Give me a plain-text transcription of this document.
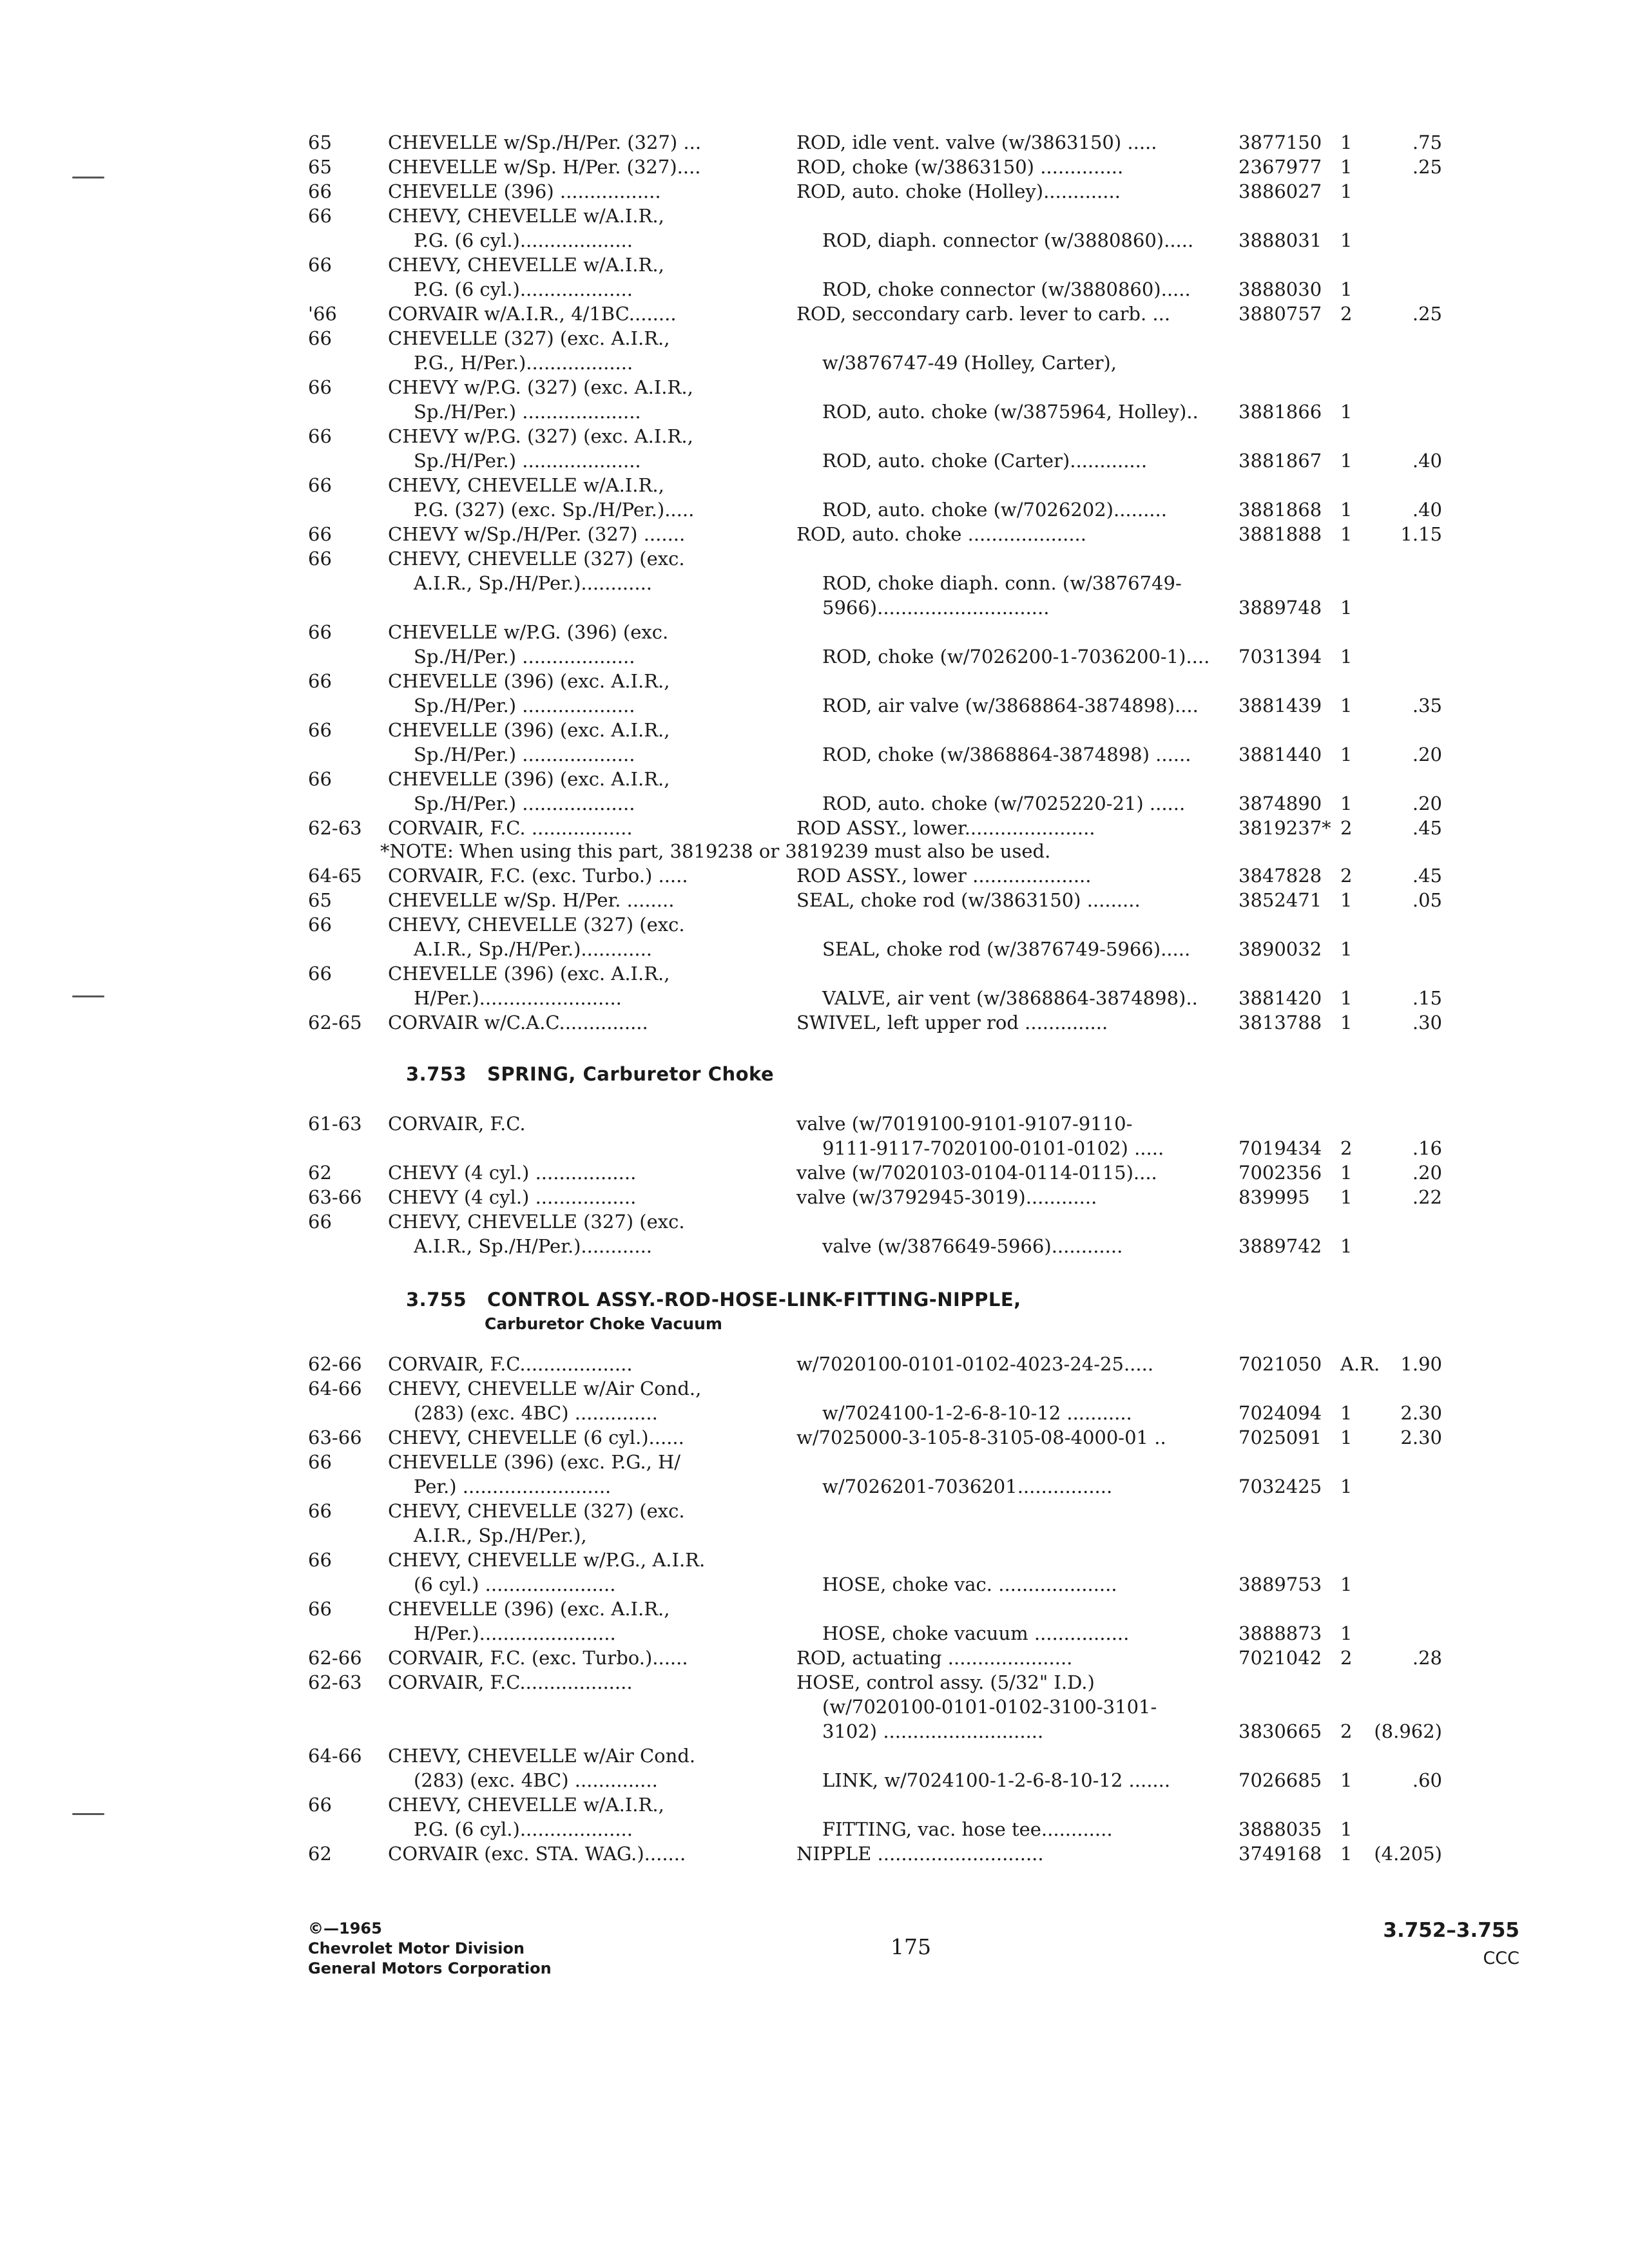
65	CHEVELLE w/Sp./H/Per. (327) ...	ROD, idle vent. valve (w/3863150) .....	3877150 1	.75
65	CHEVELLE w/Sp. H/Per. (327)....	ROD, choke (w/3863150) ..............	2367977 1	.25
66	CHEVELLE (396) .................	ROD, auto. choke (Holley).............	3886027 1
66	CHEVY, CHEVELLE w/A.I.R.,
P.G. (6 cyl.)...................	ROD, diaph. connector (w/3880860)..... 3888031 1
66	CHEVY, CHEVELLE w/A.I.R.,
P.G. (6 cyl.)...................	ROD, choke connector (w/3880860).....	3888030 1
'66	CORVAIR w/A.I.R., 4/1BC........	ROD, seccondary carb. lever to carb. ...	3880757 2	.25
66	CHEVELLE (327) (exc. A.I.R.,
P.G., H/Per.)..................	w/3876747-49 (Holley, Carter),
66	CHEVY w/P.G. (327) (exc. A.I.R.,
Sp./H/Per.) ....................	ROD, auto. choke (w/3875964, Holley).. 3881866 1
66	CHEVY w/P.G. (327) (exc. A.I.R.,
Sp./H/Per.) ....................	ROD, auto. choke (Carter).............	3881867 1	.40
66	CHEVY, CHEVELLE w/A.I.R.,
P.G. (327) (exc. Sp./H/Per.).....	ROD, auto. choke (w/7026202).........	3881868 1	.40
66	CHEVY w/Sp./H/Per. (327) .......	ROD, auto. choke ....................	3881888 1	1.15
66	CHEVY, CHEVELLE (327) (exc.
A.I.R., Sp./H/Per.)............	ROD, choke diaph. conn. (w/3876749-
5966).............................	3889748 1
66	CHEVELLE w/P.G. (396) (exc.
Sp./H/Per.) ...................	ROD, choke (w/7026200-1-7036200-1).... 7031394 1
66	CHEVELLE (396) (exc. A.I.R.,
Sp./H/Per.) ...................	ROD, air valve (w/3868864-3874898).... 3881439 1	.35
66	CHEVELLE (396) (exc. A.I.R.,
Sp./H/Per.) ...................	ROD, choke (w/3868864-3874898) ......	3881440 1	.20
66	CHEVELLE (396) (exc. A.I.R.,
Sp./H/Per.) ...................	ROD, auto. choke (w/7025220-21) ......	3874890 1	.20
62-63 CORVAIR, F.C. .................	ROD ASSY., lower......................	3819237* 2	.45
*NOTE: When using this part, 3819238 or 3819239 must also be used.
64-65 CORVAIR, F.C. (exc. Turbo.) .....	ROD ASSY., lower ....................	3847828 2	.45
65	CHEVELLE w/Sp. H/Per. ........	SEAL, choke rod (w/3863150) .........	3852471 1	.05
66	CHEVY, CHEVELLE (327) (exc.
A.I.R., Sp./H/Per.)............	SEAL, choke rod (w/3876749-5966).....	3890032 1
66	CHEVELLE (396) (exc. A.I.R.,
H/Per.)........................	VALVE, air vent (w/3868864-3874898).. 3881420 1	.15
62-65 CORVAIR w/C.A.C...............	SWIVEL, left upper rod ..............	3813788 1	.30
3.753 SPRING, Carburetor Choke
61-63 CORVAIR, F.C.	valve (w/7019100-9101-9107-9110-
9111-9117-7020100-0101-0102) .....	7019434 2	.16
62	CHEVY (4 cyl.) .................	valve (w/7020103-0104-0114-0115)....	7002356 1	.20
63-66 CHEVY (4 cyl.) .................	valve (w/3792945-3019)............	839995 1	.22
66	CHEVY, CHEVELLE (327) (exc.
A.I.R., Sp./H/Per.)............	valve (w/3876649-5966)............	3889742 1
3.755 CONTROL ASSY.-ROD-HOSE-LINK-FITTING-NIPPLE,
Carburetor Choke Vacuum
62-66 CORVAIR, F.C...................	w/7020100-0101-0102-4023-24-25.....	7021050 A.R. 1.90
64-66 CHEVY, CHEVELLE w/Air Cond.,
(283) (exc. 4BC) ..............	w/7024100-1-2-6-8-10-12 ...........	7024094 1	2.30
63-66 CHEVY, CHEVELLE (6 cyl.)......	w/7025000-3-105-8-3105-08-4000-01 ..	7025091 1	2.30
66	CHEVELLE (396) (exc. P.G., H/
Per.) .........................	w/7026201-7036201................	7032425 1
66	CHEVY, CHEVELLE (327) (exc.
A.I.R., Sp./H/Per.),
66	CHEVY, CHEVELLE w/P.G., A.I.R.
(6 cyl.) ......................	HOSE, choke vac. ....................	3889753 1
66	CHEVELLE (396) (exc. A.I.R.,
H/Per.).......................	HOSE, choke vacuum ................	3888873 1
62-66 CORVAIR, F.C. (exc. Turbo.)......	ROD, actuating .....................	7021042 2	.28
62-63 CORVAIR, F.C...................	HOSE, control assy. (5/32" I.D.)
(w/7020100-0101-0102-3100-3101-
3102) ...........................	3830665 2 (8.962)
64-66 CHEVY, CHEVELLE w/Air Cond.
(283) (exc. 4BC) ..............	LINK, w/7024100-1-2-6-8-10-12 .......	7026685 1	.60
66	CHEVY, CHEVELLE w/A.I.R.,
P.G. (6 cyl.)...................	FITTING, vac. hose tee............	3888035 1
62	CORVAIR (exc. STA. WAG.).......	NIPPLE ............................	3749168 1 (4.205)
©—1965
Chevrolet Motor Division
General Motors Corporation
175
3.752–3.755
CCC
